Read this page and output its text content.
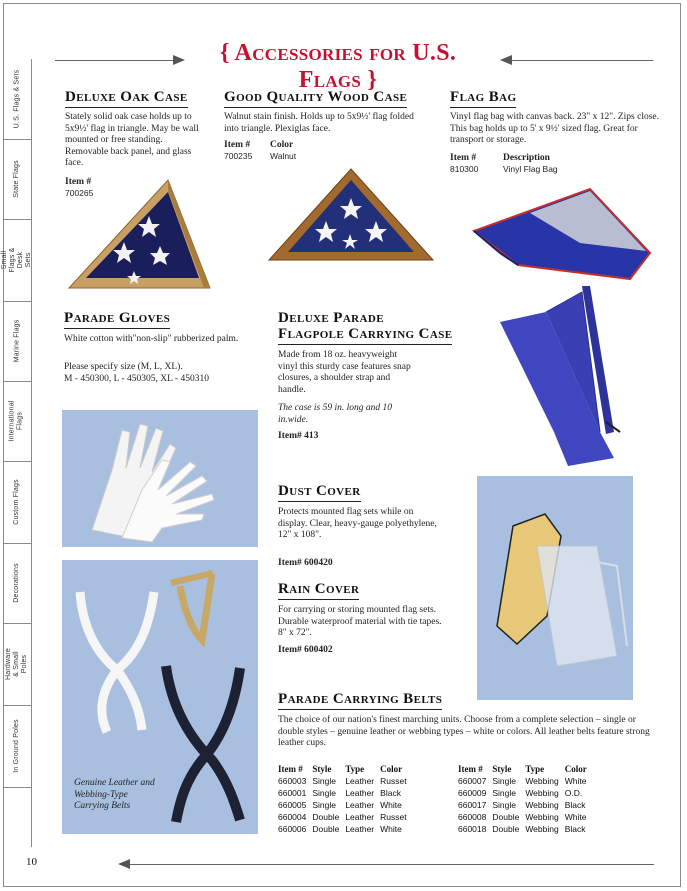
U.S. Flags & Sets
State Flags
Small Flags & Desk Sets
Marine Flags
International Flags
Custom Flags
Decorations
Hardware & Small Poles
In Ground Poles
{ Accessories for U.S. Flags }
10
Deluxe Oak Case
Stately solid oak case holds up to 5x9½' flag in triangle. May be wall mounted or free standing. Removable back panel, and glass face.
Item #
700265
Good Quality Wood Case
Walnut stain finish. Holds up to 5x9½' flag folded into triangle. Plexiglas face.
Item # Color
700235 Walnut
Flag Bag
Vinyl flag bag with canvas back. 23" x 12". Zips close. This bag holds up to 5' x 9½' sized flag. Great for transport or storage.
Item #	Description
810300	Vinyl Flag Bag
Parade Gloves
White cotton with"non-slip" rubberized palm.
Please specify size (M, L, XL).
M - 450300, L - 450305, XL - 450310
Genuine Leather and Webbing-Type Carrying Belts
Deluxe Parade
Flagpole Carrying Case
Made from 18 oz. heavyweight vinyl this sturdy case features snap closures, a shoulder strap and handle.
The case is 59 in. long and 10 in.wide.
Item# 413
Dust Cover
Protects mounted flag sets while on display. Clear, heavy-gauge polyethylene, 12" x 108".
Item# 600420
Rain Cover
For carrying or storing mounted flag sets. Durable waterproof material with tie tapes. 8" x 72".
Item# 600402
Parade Carrying Belts
The choice of our nation's finest marching units. Choose from a complete selection – single or double styles – genuine leather or webbing types – white or colors. All leather belts feature strong leather cups.
Item #	Style	Type	Color
660003	Single	Leather	Russet
660001	Single	Leather	Black
660005	Single	Leather	White
660004	Double	Leather	Russet
660006	Double	Leather	White
Item #	Style	Type	Color
660007	Single	Webbing	White
660009	Single	Webbing	O.D.
660017	Single	Webbing	Black
660008	Double	Webbing	White
660018	Double	Webbing	Black
